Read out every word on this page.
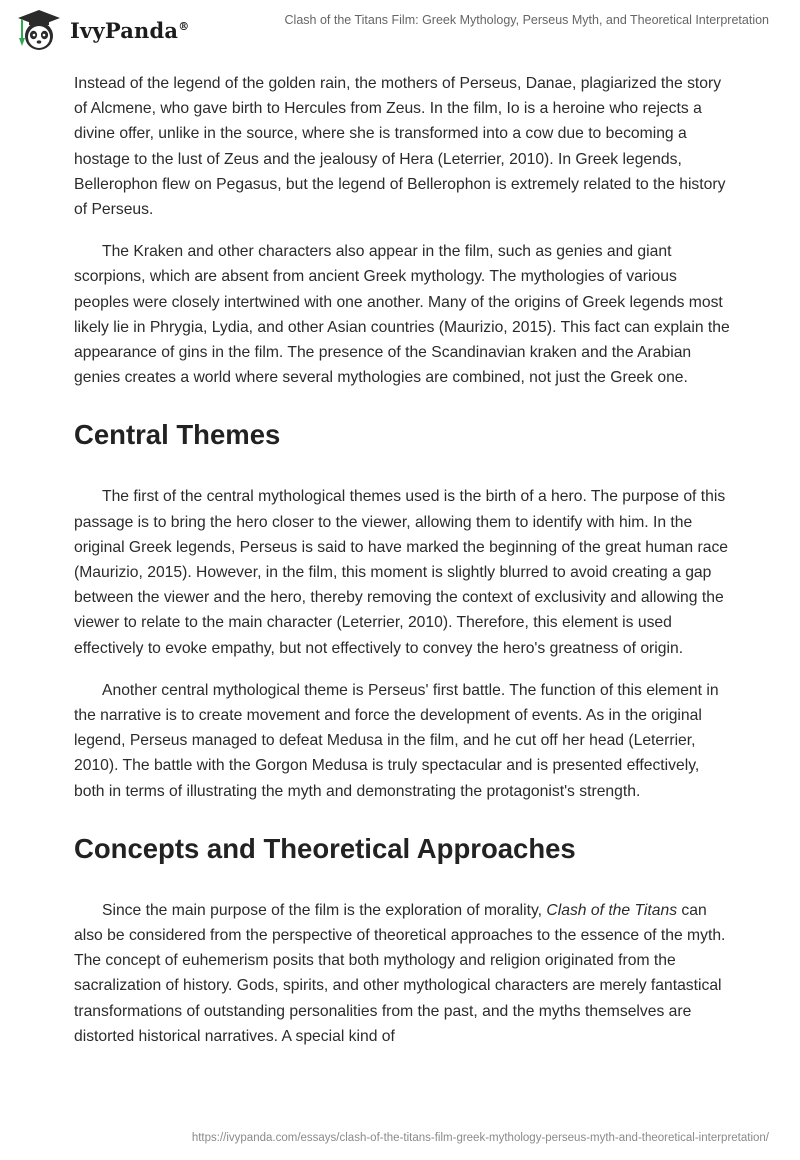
IvyPanda®	Clash of the Titans Film: Greek Mythology, Perseus Myth, and Theoretical Interpretation

Instead of the legend of the golden rain, the mothers of Perseus, Danae, plagiarized the story of Alcmene, who gave birth to Hercules from Zeus. In the film, Io is a heroine who rejects a divine offer, unlike in the source, where she is transformed into a cow due to becoming a hostage to the lust of Zeus and the jealousy of Hera (Leterrier, 2010). In Greek legends, Bellerophon flew on Pegasus, but the legend of Bellerophon is extremely related to the history of Perseus.

The Kraken and other characters also appear in the film, such as genies and giant scorpions, which are absent from ancient Greek mythology. The mythologies of various peoples were closely intertwined with one another. Many of the origins of Greek legends most likely lie in Phrygia, Lydia, and other Asian countries (Maurizio, 2015). This fact can explain the appearance of gins in the film. The presence of the Scandinavian kraken and the Arabian genies creates a world where several mythologies are combined, not just the Greek one.

Central Themes

The first of the central mythological themes used is the birth of a hero. The purpose of this passage is to bring the hero closer to the viewer, allowing them to identify with him. In the original Greek legends, Perseus is said to have marked the beginning of the great human race (Maurizio, 2015). However, in the film, this moment is slightly blurred to avoid creating a gap between the viewer and the hero, thereby removing the context of exclusivity and allowing the viewer to relate to the main character (Leterrier, 2010). Therefore, this element is used effectively to evoke empathy, but not effectively to convey the hero's greatness of origin.

Another central mythological theme is Perseus' first battle. The function of this element in the narrative is to create movement and force the development of events. As in the original legend, Perseus managed to defeat Medusa in the film, and he cut off her head (Leterrier, 2010). The battle with the Gorgon Medusa is truly spectacular and is presented effectively, both in terms of illustrating the myth and demonstrating the protagonist's strength.

Concepts and Theoretical Approaches

Since the main purpose of the film is the exploration of morality, Clash of the Titans can also be considered from the perspective of theoretical approaches to the essence of the myth. The concept of euhemerism posits that both mythology and religion originated from the sacralization of history. Gods, spirits, and other mythological characters are merely fantastical transformations of outstanding personalities from the past, and the myths themselves are distorted historical narratives. A special kind of

https://ivypanda.com/essays/clash-of-the-titans-film-greek-mythology-perseus-myth-and-theoretical-interpretation/
